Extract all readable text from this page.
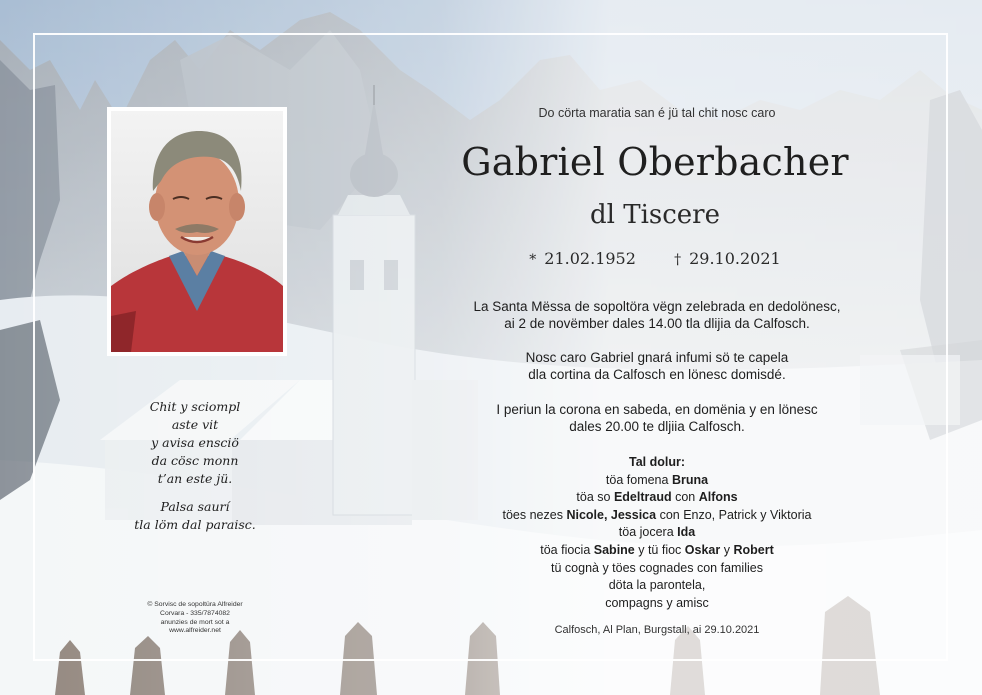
Do cörta maratia san é jü tal chit nosc caro
Gabriel Oberbacher
dl Tiscere
* 21.02.1952	† 29.10.2021
La Santa Mëssa de sopoltöra vëgn zelebrada en dedolönesc,
ai 2 de novëmber dales 14.00 tla dlijia da Calfosch.
Nosc caro Gabriel gnará infumi sö te capela
dla cortina da Calfosch en lönesc domisdé.
I periun la corona en sabeda, en domënia y en lönesc
dales 20.00 te dljiia Calfosch.
Tal dolur:
töa fomena Bruna
töa so Edeltraud con Alfons
töes nezes Nicole, Jessica con Enzo, Patrick y Viktoria
töa jocera Ida
töa fiocia Sabine y tü fioc Oskar y Robert
tü cognà y töes cognades con families
döta la parontela,
compagns y amisc
Calfosch, Al Plan, Burgstall, ai 29.10.2021
Chit y sciompl
aste vit
y avisa ensciö
da cösc monn
t’an este jü.
Palsa saurí
tla löm dal paraisc.
© Sorvisc de sopoltüra Alfreider
Corvara - 335/7874082
anunzies de mort sot a
www.alfreider.net
